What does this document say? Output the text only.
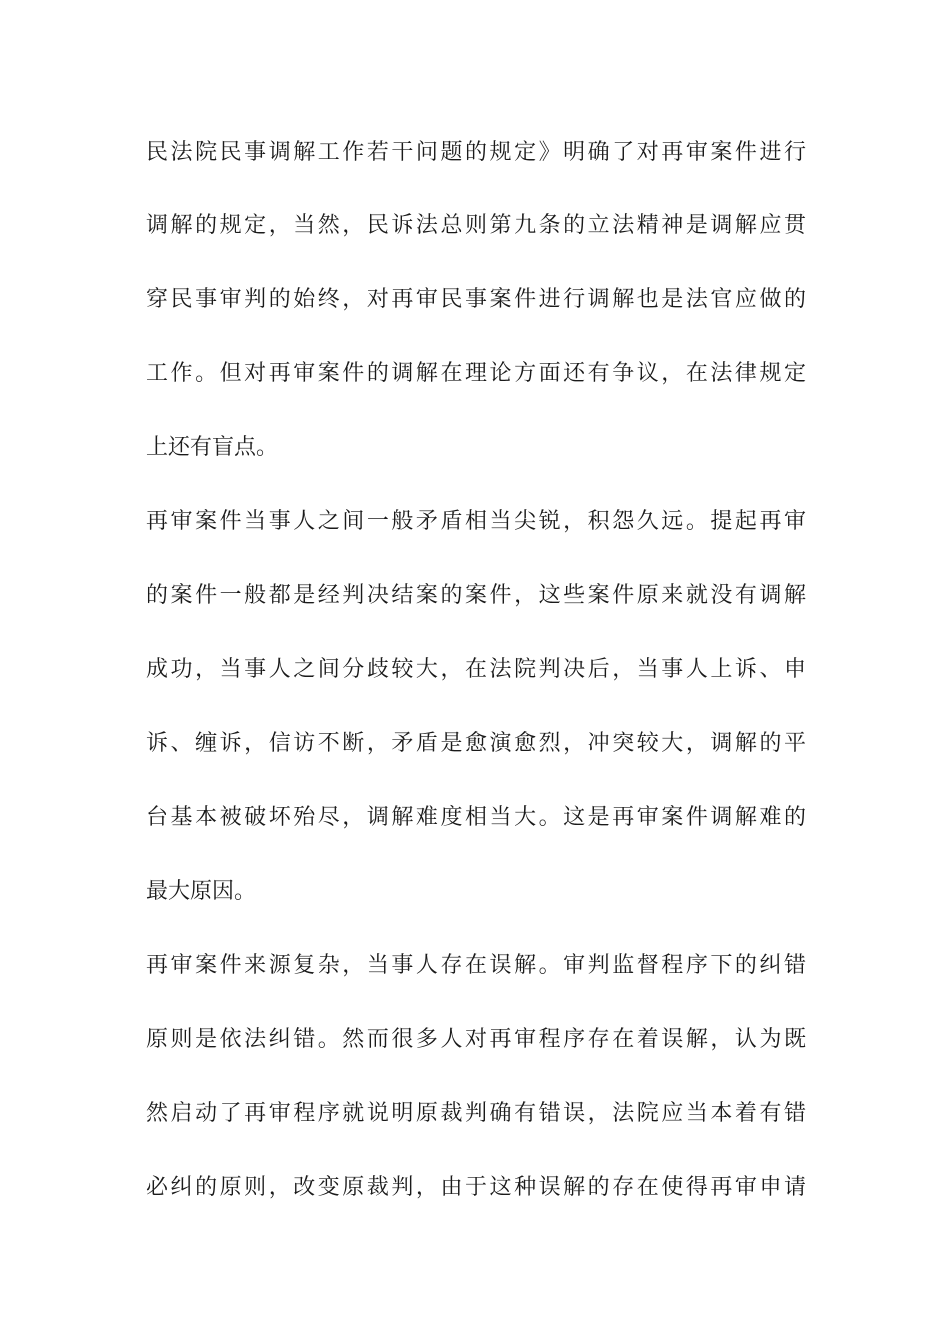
民法院民事调解工作若干问题的规定》明确了对再审案件进行
调解的规定，当然，民诉法总则第九条的立法精神是调解应贯
穿民事审判的始终，对再审民事案件进行调解也是法官应做的
工作。但对再审案件的调解在理论方面还有争议，在法律规定
上还有盲点。
再审案件当事人之间一般矛盾相当尖锐，积怨久远。提起再审
的案件一般都是经判决结案的案件，这些案件原来就没有调解
成功，当事人之间分歧较大，在法院判决后，当事人上诉、申
诉、缠诉，信访不断，矛盾是愈演愈烈，冲突较大，调解的平
台基本被破坏殆尽，调解难度相当大。这是再审案件调解难的
最大原因。
再审案件来源复杂，当事人存在误解。审判监督程序下的纠错
原则是依法纠错。然而很多人对再审程序存在着误解，认为既
然启动了再审程序就说明原裁判确有错误，法院应当本着有错
必纠的原则，改变原裁判，由于这种误解的存在使得再审申请
